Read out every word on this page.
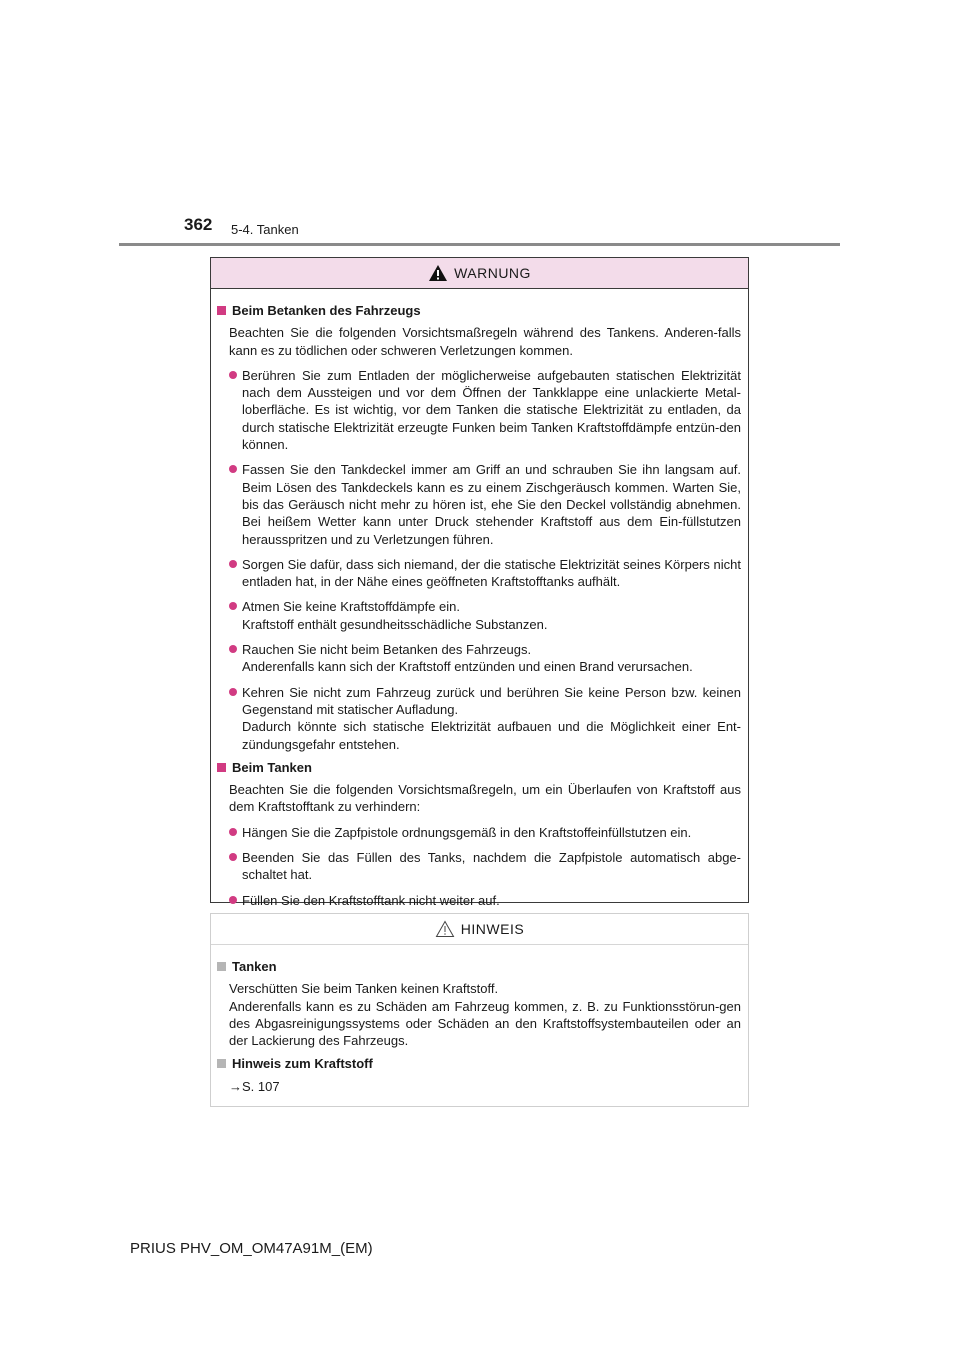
362 5-4. Tanken
WARNUNG
Beim Betanken des Fahrzeugs
Beachten Sie die folgenden Vorsichtsmaßregeln während des Tankens. Anderen-falls kann es zu tödlichen oder schweren Verletzungen kommen.
Berühren Sie zum Entladen der möglicherweise aufgebauten statischen Elektrizität nach dem Aussteigen und vor dem Öffnen der Tankklappe eine unlackierte Metal-loberfläche. Es ist wichtig, vor dem Tanken die statische Elektrizität zu entladen, da durch statische Elektrizität erzeugte Funken beim Tanken Kraftstoffdämpfe entzün-den können.
Fassen Sie den Tankdeckel immer am Griff an und schrauben Sie ihn langsam auf. Beim Lösen des Tankdeckels kann es zu einem Zischgeräusch kommen. Warten Sie, bis das Geräusch nicht mehr zu hören ist, ehe Sie den Deckel vollständig abnehmen. Bei heißem Wetter kann unter Druck stehender Kraftstoff aus dem Ein-füllstutzen herausspritzen und zu Verletzungen führen.
Sorgen Sie dafür, dass sich niemand, der die statische Elektrizität seines Körpers nicht entladen hat, in der Nähe eines geöffneten Kraftstofftanks aufhält.
Atmen Sie keine Kraftstoffdämpfe ein.
Kraftstoff enthält gesundheitsschädliche Substanzen.
Rauchen Sie nicht beim Betanken des Fahrzeugs.
Anderenfalls kann sich der Kraftstoff entzünden und einen Brand verursachen.
Kehren Sie nicht zum Fahrzeug zurück und berühren Sie keine Person bzw. keinen Gegenstand mit statischer Aufladung.
Dadurch könnte sich statische Elektrizität aufbauen und die Möglichkeit einer Ent-zündungsgefahr entstehen.
Beim Tanken
Beachten Sie die folgenden Vorsichtsmaßregeln, um ein Überlaufen von Kraftstoff aus dem Kraftstofftank zu verhindern:
Hängen Sie die Zapfpistole ordnungsgemäß in den Kraftstoffeinfüllstutzen ein.
Beenden Sie das Füllen des Tanks, nachdem die Zapfpistole automatisch abge-schaltet hat.
Füllen Sie den Kraftstofftank nicht weiter auf.
HINWEIS
Tanken
Verschütten Sie beim Tanken keinen Kraftstoff.
Anderenfalls kann es zu Schäden am Fahrzeug kommen, z. B. zu Funktionsstörun-gen des Abgasreinigungssystems oder Schäden an den Kraftstoffsystembauteilen oder an der Lackierung des Fahrzeugs.
Hinweis zum Kraftstoff
→S. 107
PRIUS PHV_OM_OM47A91M_(EM)
